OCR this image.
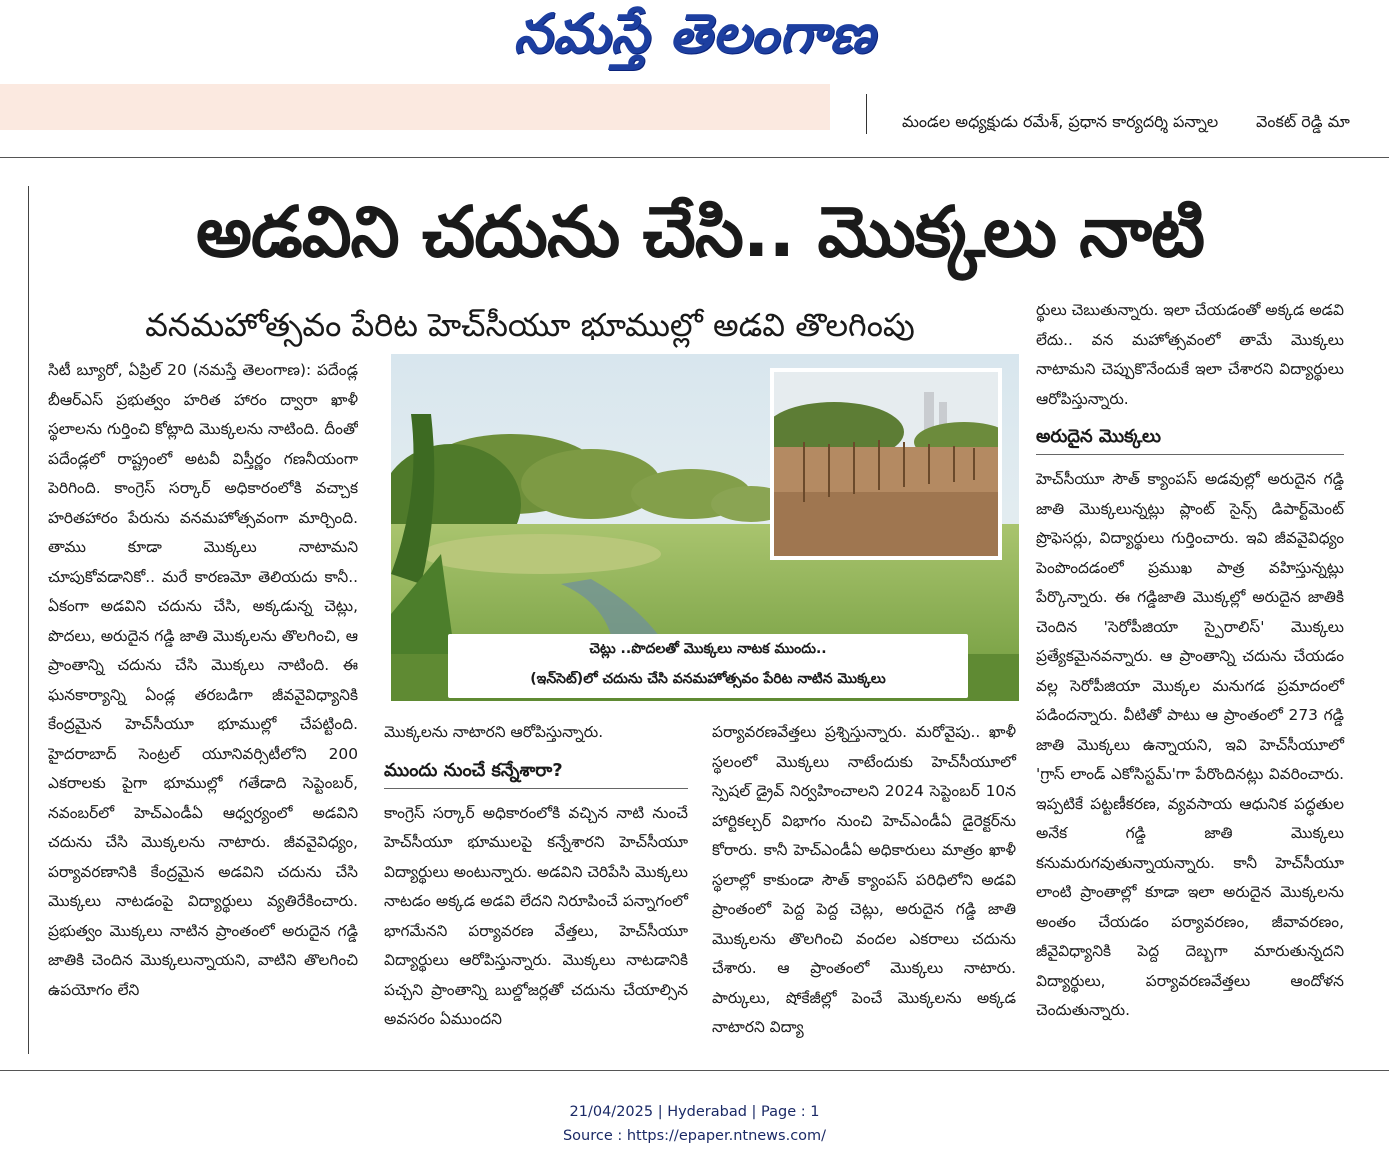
నమస్తే తెలంగాణ
మండల అధ్యక్షుడు రమేశ్, ప్రధాన కార్యదర్శి పన్నాల వెంకట్ రెడ్డి మా
అడవిని చదును చేసి.. మొక్కలు నాటి
వనమహోత్సవం పేరిట హెచ్‌సీయూ భూముల్లో అడవి తొలగింపు

సిటీ బ్యూరో, ఏప్రిల్ 20 (నమస్తే తెలంగాణ): పదేండ్ల బీఆర్‌ఎస్ ప్రభుత్వం హరిత హారం ద్వారా ఖాళీ స్థలాలను గుర్తించి కోట్లాది మొక్కలను నాటింది. దీంతో పదేండ్లలో రాష్ట్రంలో అటవీ విస్తీర్ణం గణనీయంగా పెరిగింది. కాంగ్రెస్ సర్కార్ అధికారంలోకి వచ్చాక హరితహారం పేరును వనమహోత్సవంగా మార్చింది. తాము కూడా మొక్కలు నాటామని చూపుకోవడానికో.. మరే కారణమో తెలియదు కానీ.. ఏకంగా అడవిని చదును చేసి, అక్కడున్న చెట్లు, పొదలు, అరుదైన గడ్డి జాతి మొక్కలను తొలగించి, ఆ ప్రాంతాన్ని చదును చేసి మొక్కలు నాటింది. ఈ ఘనకార్యాన్ని ఏండ్ల తరబడిగా జీవవైవిధ్యానికి కేంద్రమైన హెచ్‌సీయూ భూముల్లో చేపట్టింది. హైదరాబాద్ సెంట్రల్ యూనివర్సిటీలోని 200 ఎకరాలకు పైగా భూముల్లో గతేడాది సెప్టెంబర్, నవంబర్‌లో హెచ్‌ఎండీఏ ఆధ్వర్యంలో అడవిని చదును చేసి మొక్కలను నాటారు. జీవవైవిధ్యం, పర్యావరణానికి కేంద్రమైన అడవిని చదును చేసి మొక్కలు నాటడంపై విద్యార్థులు వ్యతిరేకించారు. ప్రభుత్వం మొక్కలు నాటిన ప్రాంతంలో అరుదైన గడ్డి జాతికి చెందిన మొక్కలున్నాయని, వాటిని తొలగించి ఉపయోగం లేని

చెట్లు ..పొదలతో మొక్కలు నాటక ముందు..
(ఇన్‌సెట్)లో చదును చేసి వనమహోత్సవం పేరిట నాటిన మొక్కలు

మొక్కలను నాటారని ఆరోపిస్తున్నారు.

ముందు నుంచే కన్నేశారా?

కాంగ్రెస్ సర్కార్ అధికారంలోకి వచ్చిన నాటి నుంచే హెచ్‌సీయూ భూములపై కన్నేశారని హెచ్‌సీయూ విద్యార్థులు అంటున్నారు. అడవిని చెరిపేసి మొక్కలు నాటడం అక్కడ అడవి లేదని నిరూపించే పన్నాగంలో భాగమేనని పర్యావరణ వేత్తలు, హెచ్‌సీయూ విద్యార్థులు ఆరోపిస్తున్నారు. మొక్కలు నాటడానికి పచ్చని ప్రాంతాన్ని బుల్డోజర్లతో చదును చేయాల్సిన అవసరం ఏముందని

పర్యావరణవేత్తలు ప్రశ్నిస్తున్నారు. మరోవైపు.. ఖాళీ స్థలంలో మొక్కలు నాటేందుకు హెచ్‌సీయూలో స్పెషల్ డ్రైవ్ నిర్వహించాలని 2024 సెప్టెంబర్ 10న హార్టికల్చర్ విభాగం నుంచి హెచ్‌ఎండీఏ డైరెక్టర్‌ను కోరారు. కానీ హెచ్‌ఎండీఏ అధికారులు మాత్రం ఖాళీ స్థలాల్లో కాకుండా సౌత్ క్యాంపస్ పరిధిలోని అడవి ప్రాంతంలో పెద్ద పెద్ద చెట్లు, అరుదైన గడ్డి జాతి మొక్కలను తొలగించి వందల ఎకరాలు చదును చేశారు. ఆ ప్రాంతంలో మొక్కలు నాటారు. పార్కులు, షోకేజీల్లో పెంచే మొక్కలను అక్కడ నాటారని విద్యా

ర్థులు చెబుతున్నారు. ఇలా చేయడంతో అక్కడ అడవి లేదు.. వన మహోత్సవంలో తామే మొక్కలు నాటామని చెప్పుకొనేందుకే ఇలా చేశారని విద్యార్థులు ఆరోపిస్తున్నారు.

అరుదైన మొక్కలు

హెచ్‌సీయూ సౌత్ క్యాంపస్ అడవుల్లో అరుదైన గడ్డి జాతి మొక్కలున్నట్లు ప్లాంట్ సైన్స్ డిపార్ట్‌మెంట్ ప్రొఫెసర్లు, విద్యార్థులు గుర్తించారు. ఇవి జీవవైవిధ్యం పెంపొందడంలో ప్రముఖ పాత్ర వహిస్తున్నట్లు పేర్కొన్నారు. ఈ గడ్డిజాతి మొక్కల్లో అరుదైన జాతికి చెందిన 'సెరోపీజియా స్పైరాలిస్' మొక్కలు ప్రత్యేకమైనవన్నారు. ఆ ప్రాంతాన్ని చదును చేయడం వల్ల సెరోపీజియా మొక్కల మనుగడ ప్రమాదంలో పడిందన్నారు. వీటితో పాటు ఆ ప్రాంతంలో 273 గడ్డి జాతి మొక్కలు ఉన్నాయని, ఇవి హెచ్‌సీయూలో 'గ్రాస్ లాండ్ ఎకోసిస్టమ్'గా పేరొందినట్లు వివరించారు. ఇప్పటికే పట్టణీకరణ, వ్యవసాయ ఆధునిక పద్ధతుల అనేక గడ్డి జాతి మొక్కలు కనుమరుగవుతున్నాయన్నారు. కానీ హెచ్‌సీయూ లాంటి ప్రాంతాల్లో కూడా ఇలా అరుదైన మొక్కలను అంతం చేయడం పర్యావరణం, జీవావరణం, జీవైవిధ్యానికి పెద్ద దెబ్బగా మారుతున్నదని విద్యార్థులు, పర్యావరణవేత్తలు ఆందోళన చెందుతున్నారు.

21/04/2025 | Hyderabad | Page : 1
Source : https://epaper.ntnews.com/
